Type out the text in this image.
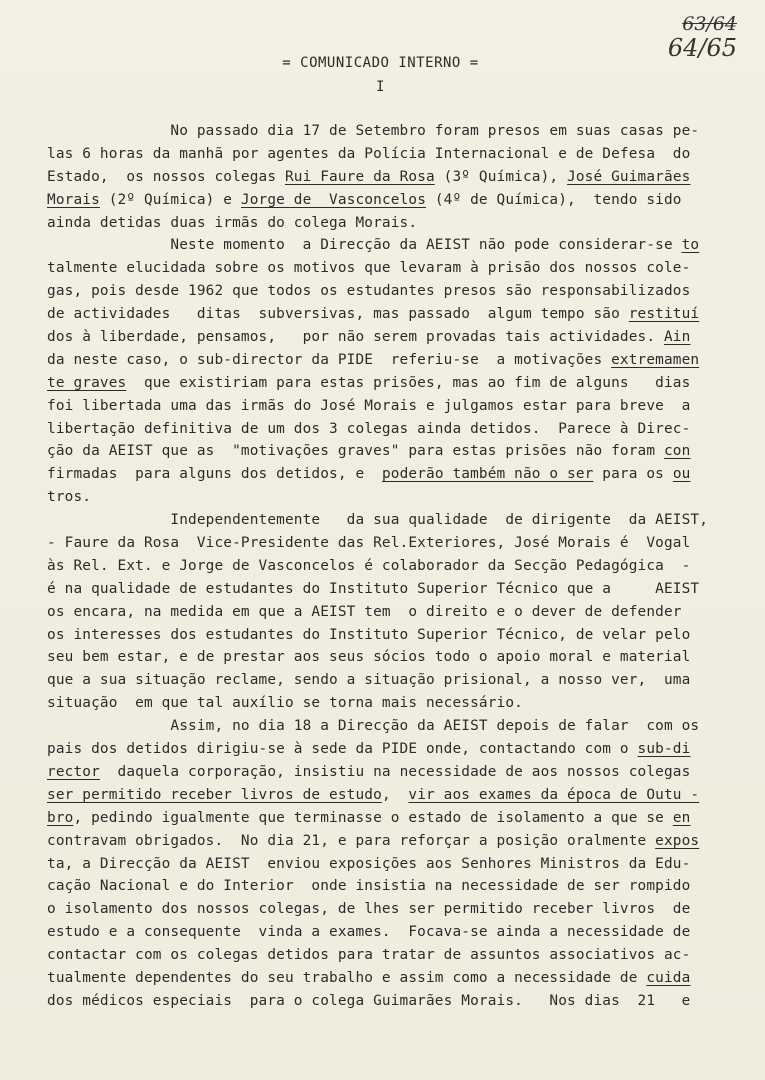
63/64
64/65
= COMUNICADO INTERNO =
I
No passado dia 17 de Setembro foram presos em suas casas pe-
las 6 horas da manhã por agentes da Polícia Internacional e de Defesa  do
Estado,  os nossos colegas Rui Faure da Rosa (3º Química), José Guimarães
Morais (2º Química) e Jorge de  Vasconcelos (4º de Química),  tendo sido
ainda detidas duas irmãs do colega Morais.
Neste momento  a Direcção da AEIST não pode considerar-se to
talmente elucidada sobre os motivos que levaram à prisão dos nossos cole-
gas, pois desde 1962 que todos os estudantes presos são responsabilizados
de actividades   ditas  subversivas, mas passado  algum tempo são restituí
dos à liberdade, pensamos,   por não serem provadas tais actividades. Ain
da neste caso, o sub-director da PIDE  referiu-se  a motivações extremamen
te graves  que existiriam para estas prisões, mas ao fim de alguns   dias
foi libertada uma das irmãs do José Morais e julgamos estar para breve  a
libertação definitiva de um dos 3 colegas ainda detidos.  Parece à Direc-
ção da AEIST que as  "motivações graves" para estas prisões não foram con
firmadas  para alguns dos detidos, e  poderão também não o ser para os ou
tros.
Independentemente   da sua qualidade  de dirigente  da AEIST,
- Faure da Rosa  Vice-Presidente das Rel.Exteriores, José Morais é  Vogal
às Rel. Ext. e Jorge de Vasconcelos é colaborador da Secção Pedagógica  -
é na qualidade de estudantes do Instituto Superior Técnico que a     AEIST
os encara, na medida em que a AEIST tem  o direito e o dever de defender
os interesses dos estudantes do Instituto Superior Técnico, de velar pelo
seu bem estar, e de prestar aos seus sócios todo o apoio moral e material
que a sua situação reclame, sendo a situação prisional, a nosso ver,  uma
situação  em que tal auxílio se torna mais necessário.
Assim, no dia 18 a Direcção da AEIST depois de falar  com os
pais dos detidos dirigiu-se à sede da PIDE onde, contactando com o sub-di
rector  daquela corporação, insistiu na necessidade de aos nossos colegas
ser permitido receber livros de estudo,  vir aos exames da época de Outu -
bro, pedindo igualmente que terminasse o estado de isolamento a que se en
contravam obrigados.  No dia 21, e para reforçar a posição oralmente expos
ta, a Direcção da AEIST  enviou exposições aos Senhores Ministros da Edu-
cação Nacional e do Interior  onde insistia na necessidade de ser rompido
o isolamento dos nossos colegas, de lhes ser permitido receber livros  de
estudo e a consequente  vinda a exames.  Focava-se ainda a necessidade de
contactar com os colegas detidos para tratar de assuntos associativos ac-
tualmente dependentes do seu trabalho e assim como a necessidade de cuida
dos médicos especiais  para o colega Guimarães Morais.   Nos dias  21   e
